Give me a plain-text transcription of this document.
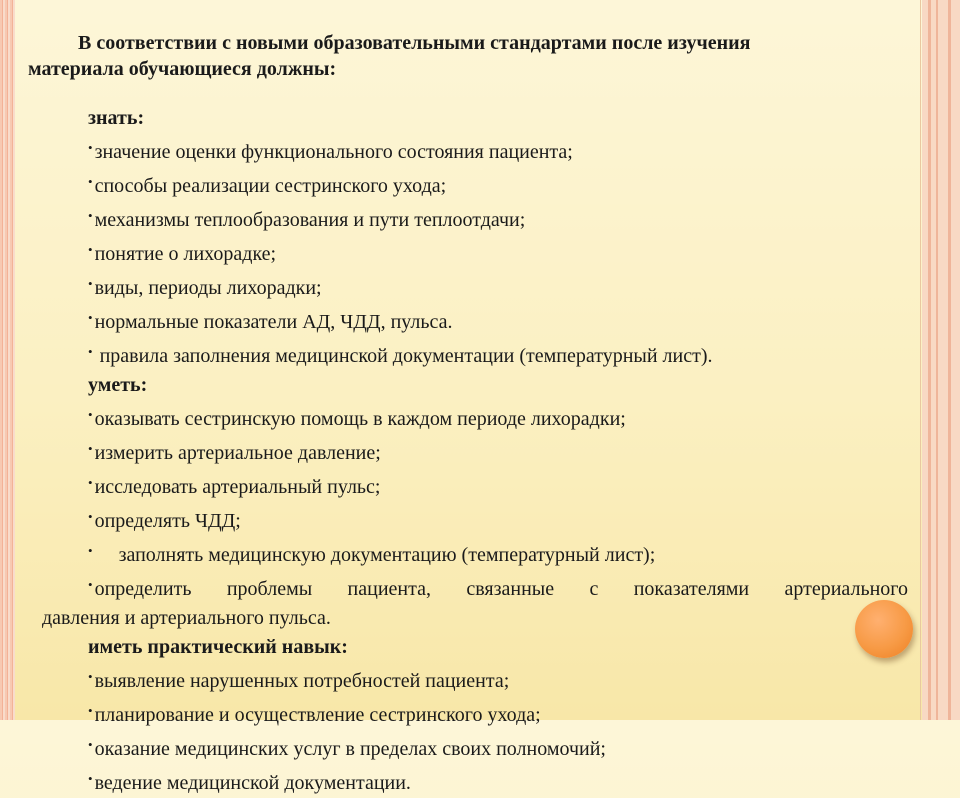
В соответствии с новыми образовательными стандартами после изучения
материала обучающиеся должны:

знать:

• значение оценки функционального состояния пациента;

• способы реализации сестринского ухода;

• механизмы теплообразования и пути теплоотдачи;

• понятие о лихорадке;

• виды, периоды лихорадки;

• нормальные показатели АД, ЧДД, пульса.

• правила заполнения медицинской документации (температурный лист).

уметь:

• оказывать сестринскую помощь в каждом периоде лихорадки;

• измерить артериальное давление;

• исследовать артериальный пульс;

• определять ЧДД;

• заполнять медицинскую документацию (температурный лист);

• определить проблемы пациента, связанные с показателями артериального
давления и артериального пульса.

иметь практический навык:

• выявление нарушенных потребностей пациента;

• планирование и осуществление сестринского ухода;

• оказание медицинских услуг в пределах своих полномочий;

• ведение медицинской документации.
